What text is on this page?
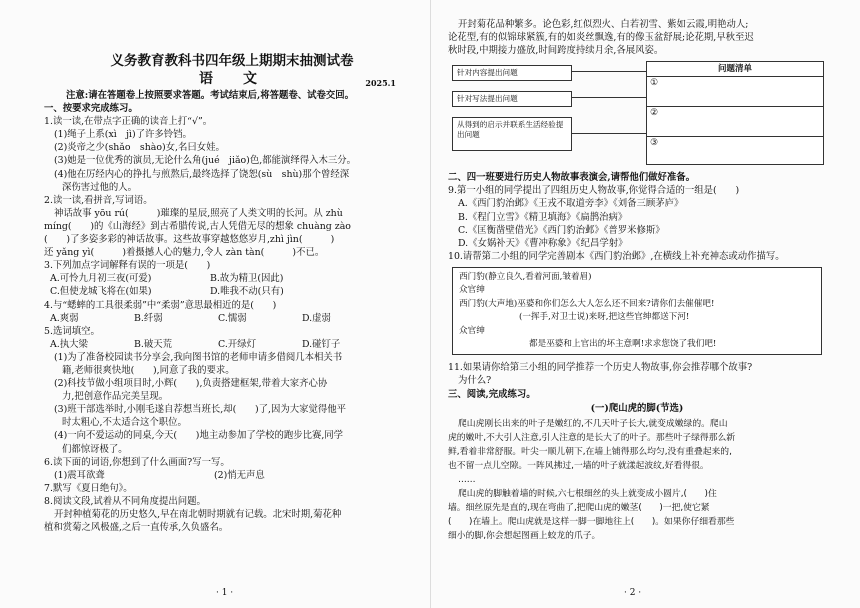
义务教育教科书四年级上期期末抽测试卷
语　文	2025.1
注意:请在答题卷上按照要求答题。考试结束后,将答题卷、试卷交回。
一、按要求完成练习。
1.读一读,在带点字正确的读音上打“√”。
(1)绳子上系(xì　jì)了许多铃铛。
(2)炎帝之少(shǎo　shào)女,名曰女娃。
(3)她是一位优秀的演员,无论什么角(jué　jiǎo)色,都能演绎得入木三分。
(4)他在厉经内心的挣扎与煎熬后,最终选择了饶恕(sù　shù)那个曾经深
深伤害过他的人。
2.读一读,看拼音,写词语。
神话故事 yōu rú(　　　)璀璨的星辰,照亮了人类文明的长河。从 zhù
míng(　　)的《山海经》到古希腊传说,古人凭借无尽的想象 chuàng zào
(　　)了多姿多彩的神话故事。这些故事穿越悠悠岁月,zhì jìn(　　　)
还 yǎng yì(　　　)着摄撼人心的魅力,令人 zàn tàn(　　　)不已。
3.下列加点字词解释有误的一项是(　　)
A.可怜九月初三夜(可爱)	B.故为精卫(因此)
C.但使龙城飞将在(如果)	D.唯我不动(只有)
4.与“蟋蟀的工具很柔弱”中“柔弱”意思最相近的是(　　)
A.爽弱	B.纤弱	C.懦弱	D.虚弱
5.选词填空。
A.执大梁	B.破天荒	C.开绿灯	D.碰钉子
(1)为了准备校园读书分享会,我向图书馆的老师申请多借阅几本相关书
籍,老师很爽快地(　　),同意了我的要求。
(2)科技节做小组项目时,小辉(　　),负责搭建框架,带着大家齐心协
力,把创意作品完美呈现。
(3)班干部选举时,小刚毛遂自荐想当班长,却(　　)了,因为大家觉得他平
时太粗心,不太适合这个职位。
(4)一向不爱运动的同桌,今天(　　)地主动参加了学校的跑步比赛,同学
们都惊讶极了。
6.读下面的词语,你想到了什么画面?写一写。
(1)震耳欲聋	(2)悄无声息
7.默写《夏日绝句》。
8.阅读文段,试着从不同角度提出问题。
开封种植菊花的历史悠久,早在南北朝时期就有记载。北宋时期,菊花种
植和赏菊之风极盛,之后一直传承,久负盛名。
· 1 ·
开封菊花品种繁多。论色彩,红似烈火、白若初雪、紫如云霞,明艳动人;
论花型,有的似锦球紧簇,有的如炎丝飘逸,有的像玉盆舒展;论花期,早秋至迟
秋时段,中期接力盛放,时间跨度持续月余,各展风姿。
针对内容提出问题
针对写法提出问题
从得到的启示并联系生活经验提出问题
问题清单
①
②
③
二、四一班要进行历史人物故事表演会,请帮他们做好准备。
9.第一小组的同学提出了四组历史人物故事,你觉得合适的一组是(　　)
A.《西门豹治邺》《王戎不取道旁李》《刘备三顾茅庐》
B.《程门立雪》《精卫填海》《扁鹊治病》
C.《匡衡凿壁借光》《西门豹治邺》《普罗米修斯》
D.《女娲补天》《曹冲称象》《纪昌学射》
10.请帮第二小组的同学完善剧本《西门豹治邺》,在横线上补充神态或动作描写。
西门豹(静立良久,看着河面,皱着眉)
众官绅
西门豹(大声地)巫婆和你们怎么大人怎么还不回来?请你们去催催吧!
(一挥手,对卫士说)来呀,把这些官绅都送下河!
众官绅
都是巫婆和上官出的坏主意啊!求求您饶了我们吧!
11.如果请你给第三小组的同学推荐一个历史人物故事,你会推荐哪个故事?
为什么?
三、阅读,完成练习。
(一)爬山虎的脚(节选)
爬山虎刚长出来的叶子是嫩红的,不几天叶子长大,就变成嫩绿的。爬山
虎的嫩叶,不大引人注意,引人注意的是长大了的叶子。那些叶子绿得那么新
鲜,看着非常舒服。叶尖一顺儿朝下,在墙上铺得那么均匀,没有重叠起来的,
也不留一点儿空隙。一阵风拂过,一墙的叶子就漾起波纹,好看得很。
……
爬山虎的脚触着墙的时候,六七根细丝的头上就变成小圆片,(　　)住
墙。细丝原先是直的,现在弯曲了,把爬山虎的嫩茎(　　)一把,使它紧
(　　)在墙上。爬山虎就是这样一脚一脚地往上(　　)。如果你仔细看那些
细小的脚,你会想起图画上蛟龙的爪子。
· 2 ·
